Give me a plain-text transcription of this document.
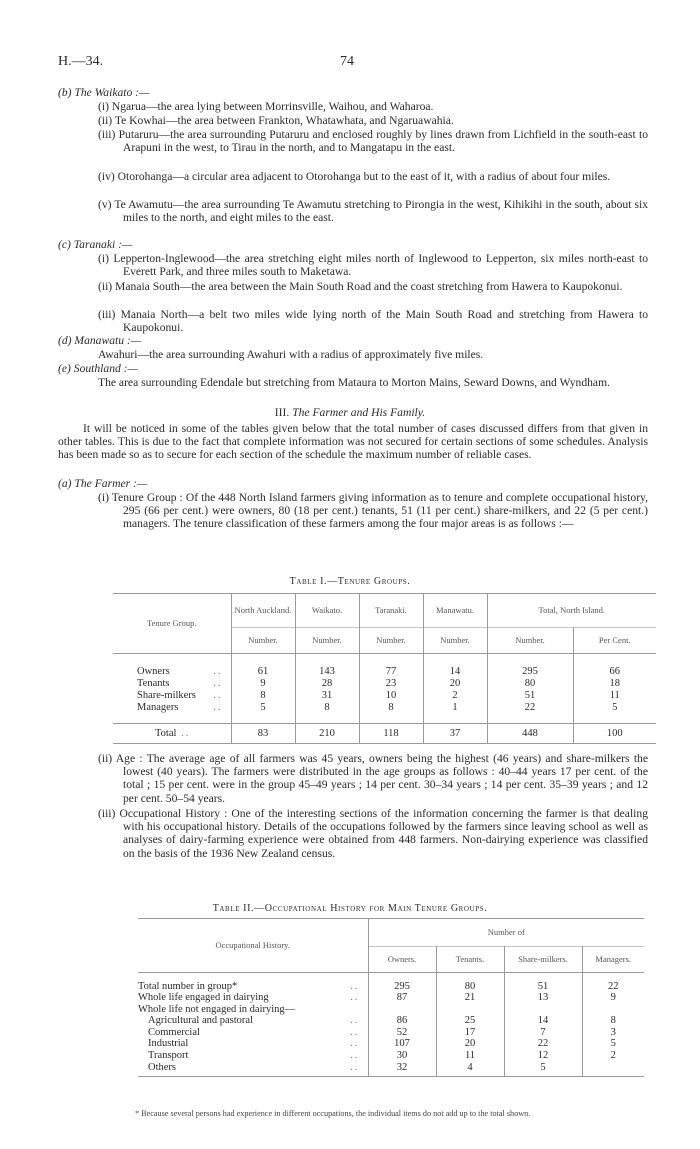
H.—34.	74

(b) The Waikato :—

(i) Ngarua—the area lying between Morrinsville, Waihou, and Waharoa.

(ii) Te Kowhai—the area between Frankton, Whatawhata, and Ngaruawahia.

(iii) Putaruru—the area surrounding Putaruru and enclosed roughly by lines drawn from Lichfield in the south-east to Arapuni in the west, to Tirau in the north, and to Mangatapu in the east.

(iv) Otorohanga—a circular area adjacent to Otorohanga but to the east of it, with a radius of about four miles.

(v) Te Awamutu—the area surrounding Te Awamutu stretching to Pirongia in the west, Kihikihi in the south, about six miles to the north, and eight miles to the east.

(c) Taranaki :—

(i) Lepperton-Inglewood—the area stretching eight miles north of Inglewood to Lepperton, six miles north-east to Everett Park, and three miles south to Maketawa.

(ii) Manaia South—the area between the Main South Road and the coast stretching from Hawera to Kaupokonui.

(iii) Manaia North—a belt two miles wide lying north of the Main South Road and stretching from Hawera to Kaupokonui.

(d) Manawatu :—

Awahuri—the area surrounding Awahuri with a radius of approximately five miles.

(e) Southland :—

The area surrounding Edendale but stretching from Mataura to Morton Mains, Seward Downs, and Wyndham.

III. The Farmer and His Family.

It will be noticed in some of the tables given below that the total number of cases discussed differs from that given in other tables. This is due to the fact that complete information was not secured for certain sections of some schedules. Analysis has been made so as to secure for each section of the schedule the maximum number of reliable cases.

(a) The Farmer :—

(i) Tenure Group : Of the 448 North Island farmers giving information as to tenure and complete occupational history, 295 (66 per cent.) were owners, 80 (18 per cent.) tenants, 51 (11 per cent.) share-milkers, and 22 (5 per cent.) managers. The tenure classification of these farmers among the four major areas is as follows :—

Table I.—Tenure Groups.
Tenure Group.	North Auckland.	Waikato.	Taranaki.	Manawatu.	Total, North Island.	
	Number.	Number.	Number.	Number.	Number.	Per Cent.

Owners ..	61	143	77	14	295	66
Tenants ..	9	28	23	20	80	18
Share-milkers ..	8	31	10	2	51	11
Managers ..	5	8	8	1	22	5

Total ..	83	210	118	37	448	100

(ii) Age : The average age of all farmers was 45 years, owners being the highest (46 years) and share-milkers the lowest (40 years). The farmers were distributed in the age groups as follows : 40–44 years 17 per cent. of the total ; 15 per cent. were in the group 45–49 years ; 14 per cent. 30–34 years ; 14 per cent. 35–39 years ; and 12 per cent. 50–54 years.

(iii) Occupational History : One of the interesting sections of the information concerning the farmer is that dealing with his occupational history. Details of the occupations followed by the farmers since leaving school as well as analyses of dairy-farming experience were obtained from 448 farmers. Non-dairying experience was classified on the basis of the 1936 New Zealand census.

Table II.—Occupational History for Main Tenure Groups.
Occupational History.	Number of			
	Owners.	Tenants.	Share-milkers.	Managers.

Total number in group* ..	295	80	51	22
Whole life engaged in dairying ..	87	21	13	9
Whole life not engaged in dairying—				
Agricultural and pastoral ..	86	25	14	8
Commercial ..	52	17	7	3
Industrial ..	107	20	22	5
Transport ..	30	11	12	2
Others ..	32	4	5	

* Because several persons had experience in different occupations, the individual items do not add up to the total shown.
